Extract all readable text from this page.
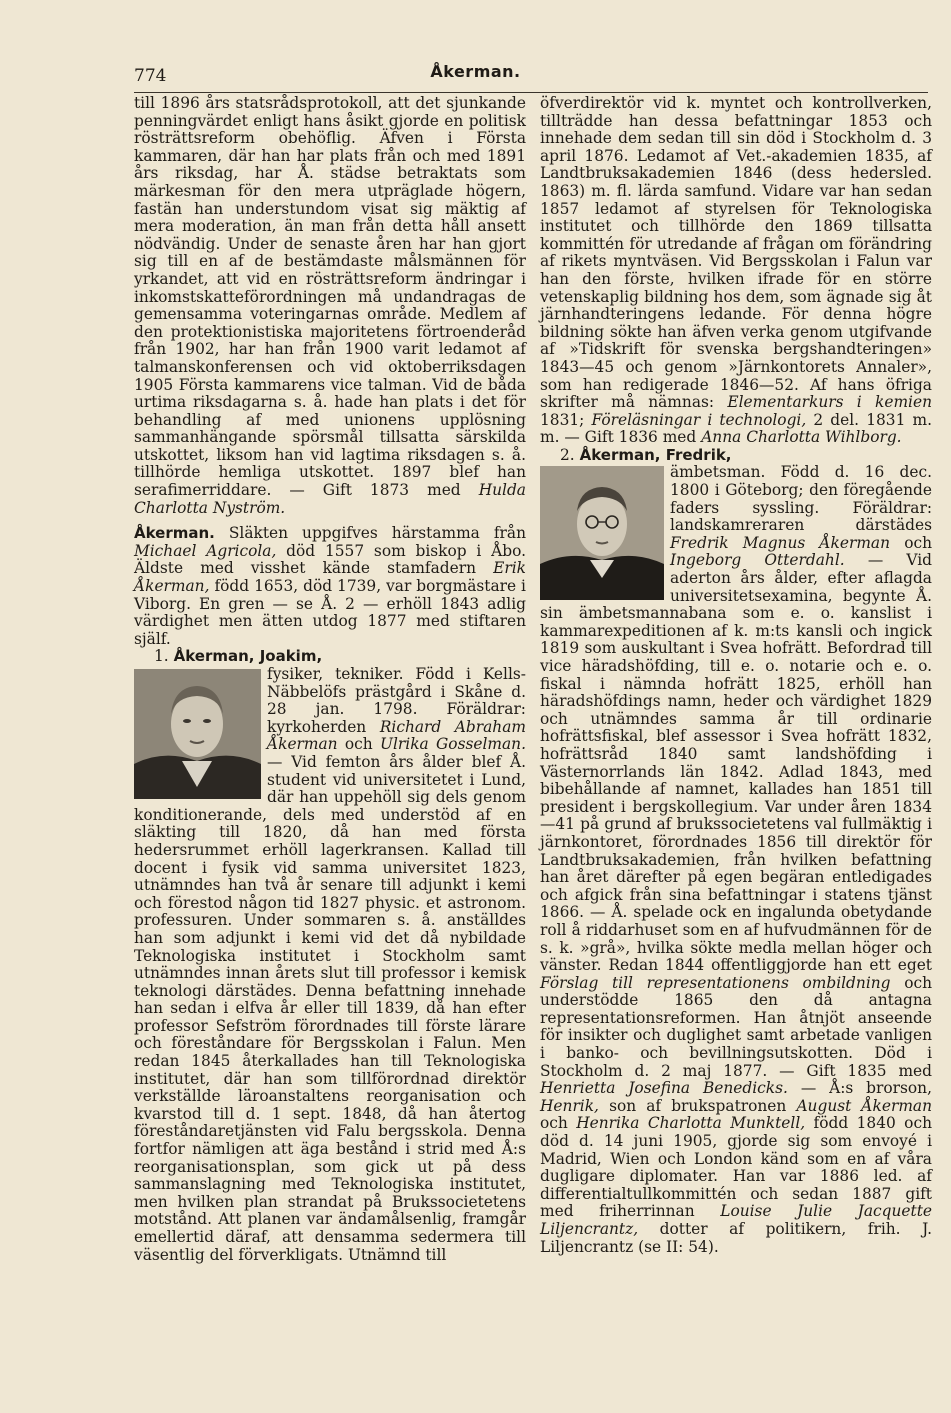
774	Åkerman.

till 1896 års statsrådsprotokoll, att det sjunkande penningvärdet enligt hans åsikt gjorde en politisk rösträttsreform obehöflig. Äfven i Första kammaren, där han har plats från och med 1891 års riksdag, har Å. städse betraktats som märkesman för den mera utpräglade högern, fastän han understundom visat sig mäktig af mera moderation, än man från detta håll ansett nödvändig. Under de senaste åren har han gjort sig till en af de bestämdaste målsmännen för yrkandet, att vid en rösträttsreform ändringar i inkomstskatteförordningen må undandragas de gemensamma voteringarnas område. Medlem af den protektionistiska majoritetens förtroenderåd från 1902, har han från 1900 varit ledamot af talmanskonferensen och vid oktoberriksdagen 1905 Första kammarens vice talman. Vid de båda urtima riksdagarna s. å. hade han plats i det för behandling af med unionens upplösning sammanhängande spörsmål tillsatta särskilda utskottet, liksom han vid lagtima riksdagen s. å. tillhörde hemliga utskottet. 1897 blef han serafimerriddare. — Gift 1873 med Hulda Charlotta Nyström.

Åkerman. Släkten uppgifves härstamma från Michael Agricola, död 1557 som biskop i Åbo. Äldste med visshet kände stamfadern Erik Åkerman, född 1653, död 1739, var borgmästare i Viborg. En gren — se Å. 2 — erhöll 1843 adlig värdighet men ätten utdog 1877 med stiftaren själf.

1. Åkerman, Joakim,

fysiker, tekniker. Född i Kells-Näbbelöfs prästgård i Skåne d. 28 jan. 1798. Föräldrar: kyrkoherden Richard Abraham Åkerman och Ulrika Gosselman. — Vid femton års ålder blef Å. student vid universitetet i Lund, där han uppehöll sig dels genom konditionerande, dels med understöd af en släkting till 1820, då han med första hedersrummet erhöll lagerkransen. Kallad till docent i fysik vid samma universitet 1823, utnämndes han två år senare till adjunkt i kemi och förestod någon tid 1827 physic. et astronom. professuren. Under sommaren s. å. anställdes han som adjunkt i kemi vid det då nybildade Teknologiska institutet i Stockholm samt utnämndes innan årets slut till professor i kemisk teknologi därstädes. Denna befattning innehade han sedan i elfva år eller till 1839, då han efter professor Sefström förordnades till förste lärare och föreståndare för Bergsskolan i Falun. Men redan 1845 återkallades han till Teknologiska institutet, där han som tillförordnad direktör verkställde läroanstaltens reorganisation och kvarstod till d. 1 sept. 1848, då han återtog föreståndaretjänsten vid Falu bergsskola. Denna fortfor nämligen att äga bestånd i strid med Å:s reorganisationsplan, som gick ut på dess sammanslagning med Teknologiska institutet, men hvilken plan strandat på Brukssocietetens motstånd. Att planen var ändamålsenlig, framgår emellertid däraf, att densamma sedermera till väsentlig del förverkligats. Utnämnd till

öfverdirektör vid k. myntet och kontrollverken, tillträdde han dessa befattningar 1853 och innehade dem sedan till sin död i Stockholm d. 3 april 1876. Ledamot af Vet.-akademien 1835, af Landtbruksakademien 1846 (dess hedersled. 1863) m. fl. lärda samfund. Vidare var han sedan 1857 ledamot af styrelsen för Teknologiska institutet och tillhörde den 1869 tillsatta kommittén för utredande af frågan om förändring af rikets myntväsen. Vid Bergsskolan i Falun var han den förste, hvilken ifrade för en större vetenskaplig bildning hos dem, som ägnade sig åt järnhandteringens ledande. För denna högre bildning sökte han äfven verka genom utgifvande af »Tidskrift för svenska bergshandteringen» 1843—45 och genom »Järnkontorets Annaler», som han redigerade 1846—52. Af hans öfriga skrifter må nämnas: Elementarkurs i kemien 1831; Föreläsningar i technologi, 2 del. 1831 m. m. — Gift 1836 med Anna Charlotta Wihlborg.

2. Åkerman, Fredrik,

ämbetsman. Född d. 16 dec. 1800 i Göteborg; den föregående faders syssling. Föräldrar: landskamreraren därstädes Fredrik Magnus Åkerman och Ingeborg Otterdahl. — Vid aderton års ålder, efter aflagda universitetsexamina, begynte Å. sin ämbetsmannabana som e. o. kanslist i kammarexpeditionen af k. m:ts kansli och ingick 1819 som auskultant i Svea hofrätt. Befordrad till vice häradshöfding, till e. o. notarie och e. o. fiskal i nämnda hofrätt 1825, erhöll han häradshöfdings namn, heder och värdighet 1829 och utnämndes samma år till ordinarie hofrättsfiskal, blef assessor i Svea hofrätt 1832, hofrättsråd 1840 samt landshöfding i Västernorrlands län 1842. Adlad 1843, med bibehållande af namnet, kallades han 1851 till president i bergskollegium. Var under åren 1834—41 på grund af brukssocietetens val fullmäktig i järnkontoret, förordnades 1856 till direktör för Landtbruksakademien, från hvilken befattning han året därefter på egen begäran entledigades och afgick från sina befattningar i statens tjänst 1866. — Å. spelade ock en ingalunda obetydande roll å riddarhuset som en af hufvudmännen för de s. k. »grå», hvilka sökte medla mellan höger och vänster. Redan 1844 offentliggjorde han ett eget Förslag till representationens ombildning och understödde 1865 den då antagna representationsreformen. Han åtnjöt anseende för insikter och duglighet samt arbetade vanligen i banko- och bevillningsutskotten. Död i Stockholm d. 2 maj 1877. — Gift 1835 med Henrietta Josefina Benedicks. — Å:s brorson, Henrik, son af brukspatronen August Åkerman och Henrika Charlotta Munktell, född 1840 och död d. 14 juni 1905, gjorde sig som envoyé i Madrid, Wien och London känd som en af våra dugligare diplomater. Han var 1886 led. af differentialtullkommittén och sedan 1887 gift med friherrinnan Louise Julie Jacquette Liljencrantz, dotter af politikern, frih. J. Liljencrantz (se II: 54).
